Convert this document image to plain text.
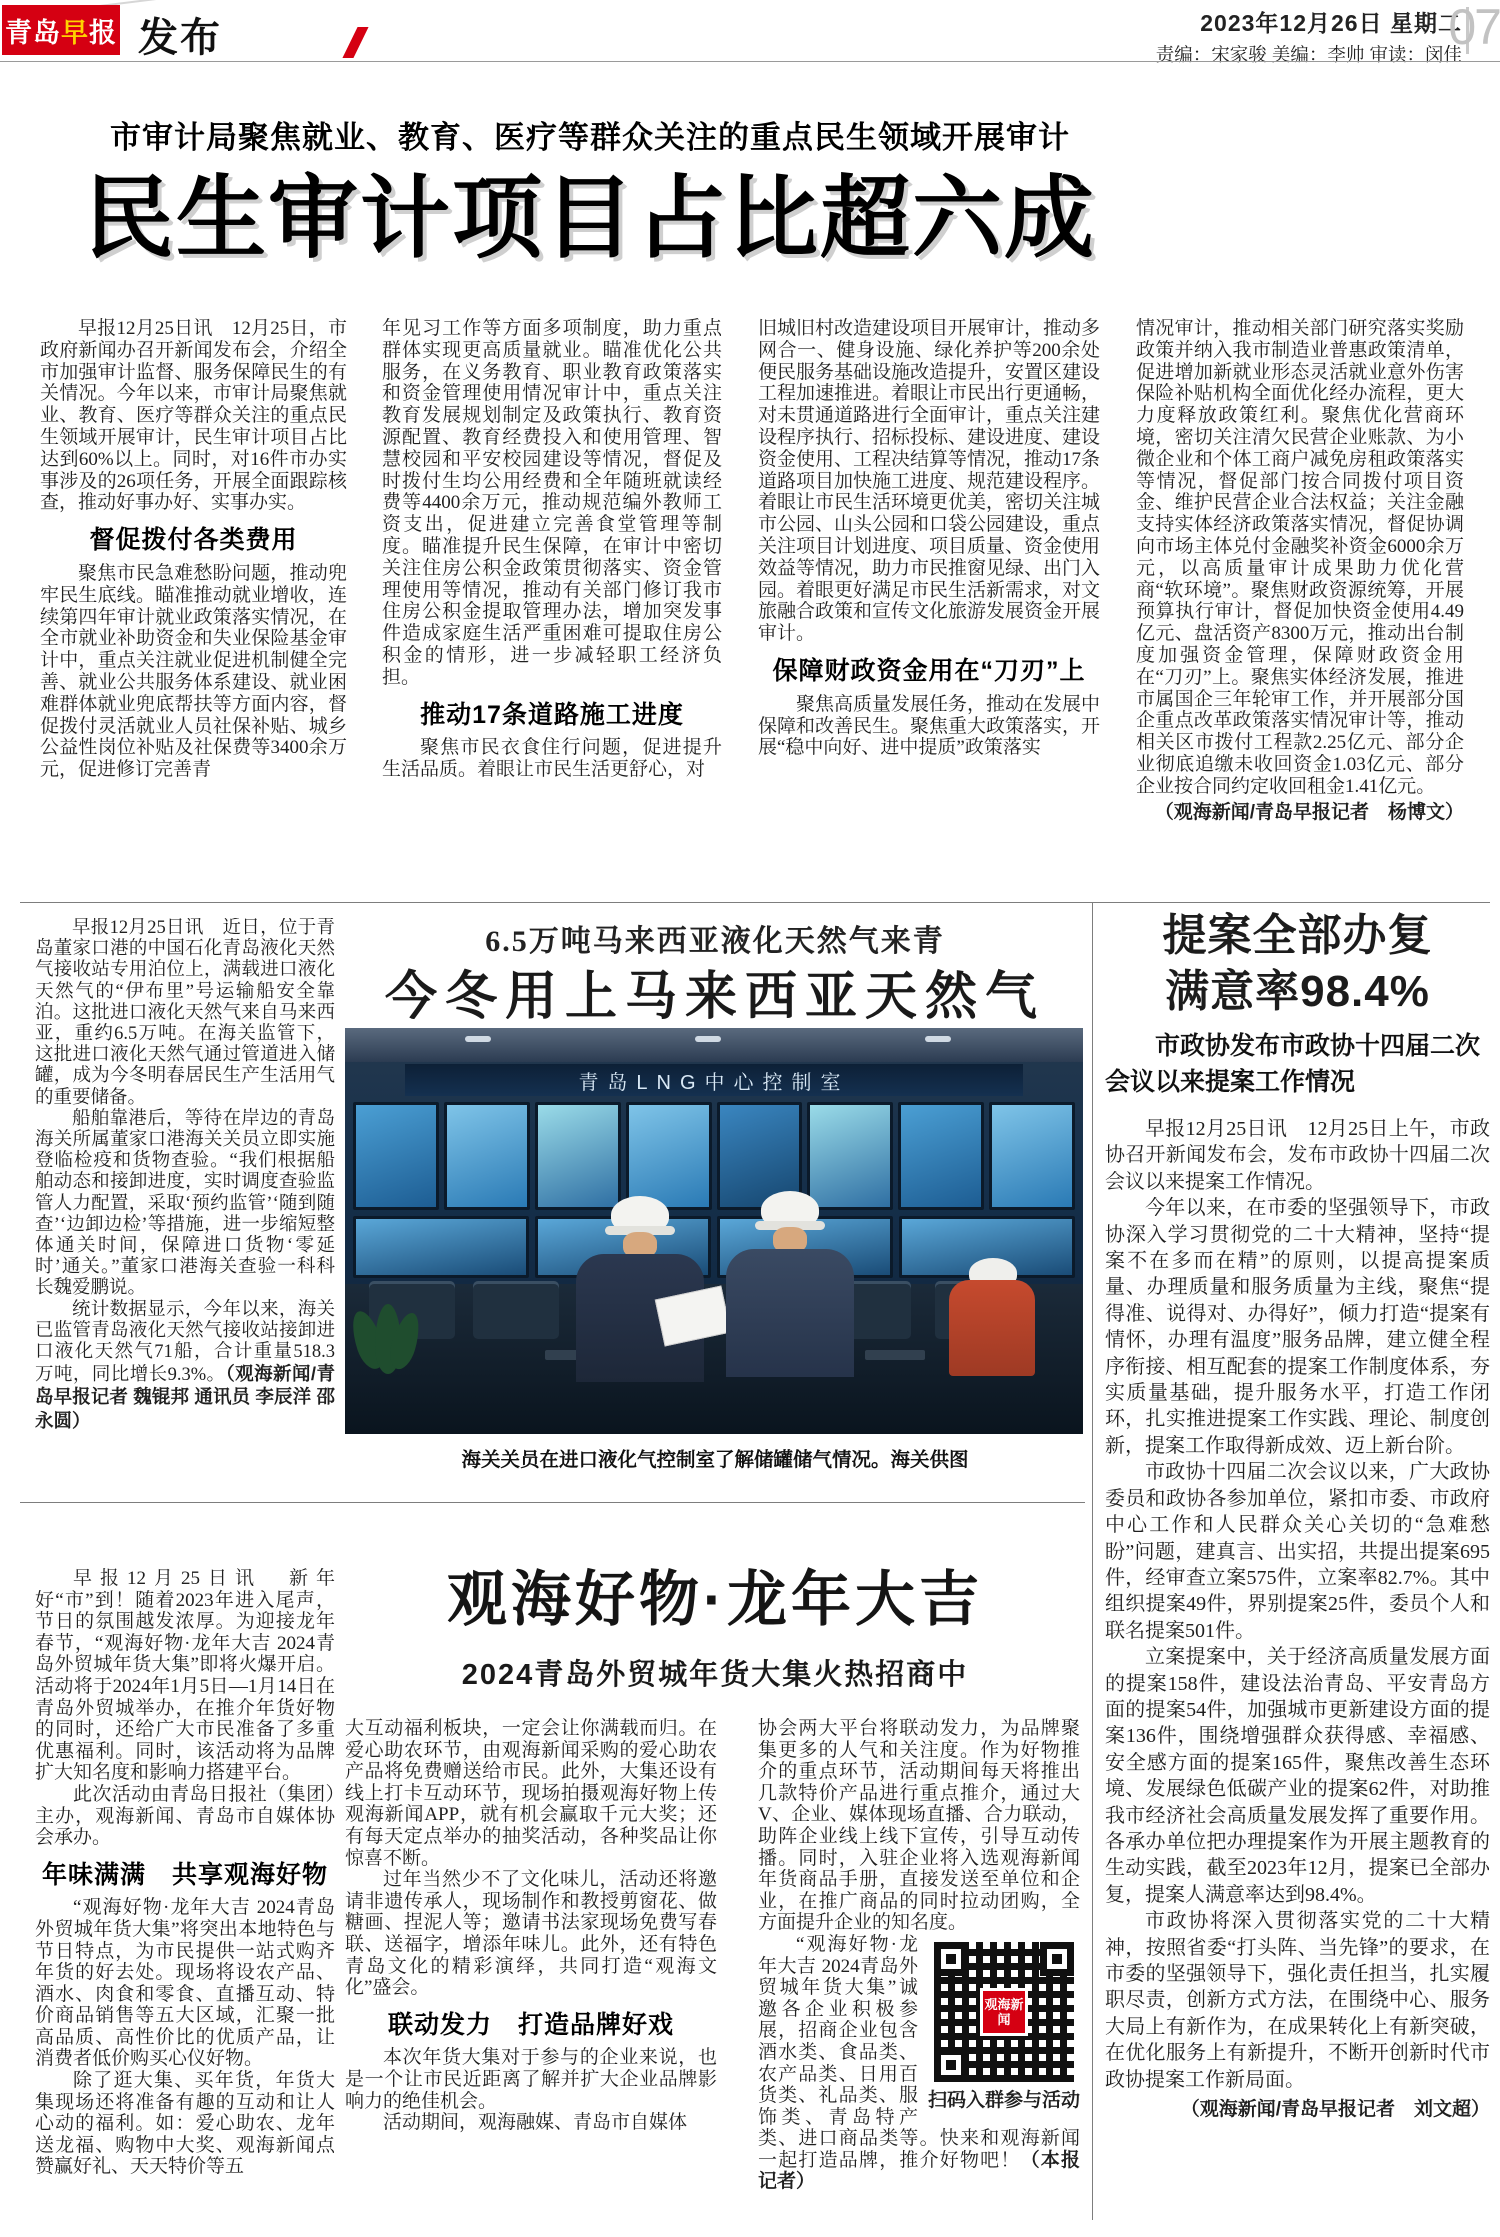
青岛 早 报 发布	2023年12月26日 星期二
责编：宋家骏 美编：李帅 审读：闵佳
07
市审计局聚焦就业、教育、医疗等群众关注的重点民生领域开展审计
民生审计项目占比超六成

早报12月25日讯　12月25日，市政府新闻办召开新闻发布会，介绍全市加强审计监督、服务保障民生的有关情况。今年以来，市审计局聚焦就业、教育、医疗等群众关注的重点民生领域开展审计，民生审计项目占比达到60%以上。同时，对16件市办实事涉及的26项任务，开展全面跟踪核查，推动好事办好、实事办实。

督促拨付各类费用

聚焦市民急难愁盼问题，推动兜牢民生底线。瞄准推动就业增收，连续第四年审计就业政策落实情况，在全市就业补助资金和失业保险基金审计中，重点关注就业促进机制健全完善、就业公共服务体系建设、就业困难群体就业兜底帮扶等方面内容，督促拨付灵活就业人员社保补贴、城乡公益性岗位补贴及社保费等3400余万元，促进修订完善青

年见习工作等方面多项制度，助力重点群体实现更高质量就业。瞄准优化公共服务，在义务教育、职业教育政策落实和资金管理使用情况审计中，重点关注教育发展规划制定及政策执行、教育资源配置、教育经费投入和使用管理、智慧校园和平安校园建设等情况，督促及时拨付生均公用经费和全年随班就读经费等4400余万元，推动规范编外教师工资支出，促进建立完善食堂管理等制度。瞄准提升民生保障，在审计中密切关注住房公积金政策贯彻落实、资金管理使用等情况，推动有关部门修订我市住房公积金提取管理办法，增加突发事件造成家庭生活严重困难可提取住房公积金的情形，进一步减轻职工经济负担。

推动17条道路施工进度

聚焦市民衣食住行问题，促进提升生活品质。着眼让市民生活更舒心，对

旧城旧村改造建设项目开展审计，推动多网合一、健身设施、绿化养护等200余处便民服务基础设施改造提升，安置区建设工程加速推进。着眼让市民出行更通畅，对未贯通道路进行全面审计，重点关注建设程序执行、招标投标、建设进度、建设资金使用、工程决结算等情况，推动17条道路项目加快施工进度、规范建设程序。着眼让市民生活环境更优美，密切关注城市公园、山头公园和口袋公园建设，重点关注项目计划进度、项目质量、资金使用效益等情况，助力市民推窗见绿、出门入园。着眼更好满足市民生活新需求，对文旅融合政策和宣传文化旅游发展资金开展审计。

保障财政资金用在“刀刃”上

聚焦高质量发展任务，推动在发展中保障和改善民生。聚焦重大政策落实，开展“稳中向好、进中提质”政策落实

情况审计，推动相关部门研究落实奖励政策并纳入我市制造业普惠政策清单，促进增加新就业形态灵活就业意外伤害保险补贴机构全面优化经办流程，更大力度释放政策红利。聚焦优化营商环境，密切关注清欠民营企业账款、为小微企业和个体工商户减免房租政策落实等情况，督促部门按合同拨付项目资金、维护民营企业合法权益；关注金融支持实体经济政策落实情况，督促协调向市场主体兑付金融奖补资金6000余万元，以高质量审计成果助力优化营商“软环境”。聚焦财政资源统筹，开展预算执行审计，督促加快资金使用4.49亿元、盘活资产8300万元，推动出台制度加强资金管理，保障财政资金用在“刀刃”上。聚焦实体经济发展，推进市属国企三年轮审工作，并开展部分国企重点改革政策落实情况审计等，推动相关区市拨付工程款2.25亿元、部分企业彻底追缴未收回资金1.03亿元、部分企业按合同约定收回租金1.41亿元。

（观海新闻/青岛早报记者　杨博文）

早报12月25日讯　近日，位于青岛董家口港的中国石化青岛液化天然气接收站专用泊位上，满载进口液化天然气的“伊布里”号运输船安全靠泊。这批进口液化天然气来自马来西亚，重约6.5万吨。在海关监管下，这批进口液化天然气通过管道进入储罐，成为今冬明春居民生产生活用气的重要储备。

船舶靠港后，等待在岸边的青岛海关所属董家口港海关关员立即实施登临检疫和货物查验。“我们根据船舶动态和接卸进度，实时调度查验监管人力配置，采取‘预约监管’‘随到随查’‘边卸边检’等措施，进一步缩短整体通关时间，保障进口货物‘零延时’通关。”董家口港海关查验一科科长魏爱鹏说。

统计数据显示，今年以来，海关已监管青岛液化天然气接收站接卸进口液化天然气71船，合计重量518.3万吨，同比增长9.3%。（观海新闻/青岛早报记者 魏锟邦 通讯员 李辰洋 邵永圆）

6.5万吨马来西亚液化天然气来青
今冬用上马来西亚天然气
青岛LNG中心控制室
海关关员在进口液化气控制室了解储罐储气情况。海关供图
提案全部办复
满意率98.4%
市政协发布市政协十四届二次会议以来提案工作情况

早报12月25日讯　12月25日上午，市政协召开新闻发布会，发布市政协十四届二次会议以来提案工作情况。

今年以来，在市委的坚强领导下，市政协深入学习贯彻党的二十大精神，坚持“提案不在多而在精”的原则，以提高提案质量、办理质量和服务质量为主线，聚焦“提得准、说得对、办得好”，倾力打造“提案有情怀，办理有温度”服务品牌，建立健全程序衔接、相互配套的提案工作制度体系，夯实质量基础，提升服务水平，打造工作闭环，扎实推进提案工作实践、理论、制度创新，提案工作取得新成效、迈上新台阶。

市政协十四届二次会议以来，广大政协委员和政协各参加单位，紧扣市委、市政府中心工作和人民群众关心关切的“急难愁盼”问题，建真言、出实招，共提出提案695件，经审查立案575件，立案率82.7%。其中组织提案49件，界别提案25件，委员个人和联名提案501件。

立案提案中，关于经济高质量发展方面的提案158件，建设法治青岛、平安青岛方面的提案54件，加强城市更新建设方面的提案136件，围绕增强群众获得感、幸福感、安全感方面的提案165件，聚焦改善生态环境、发展绿色低碳产业的提案62件，对助推我市经济社会高质量发展发挥了重要作用。各承办单位把办理提案作为开展主题教育的生动实践，截至2023年12月，提案已全部办复，提案人满意率达到98.4%。

市政协将深入贯彻落实党的二十大精神，按照省委“打头阵、当先锋”的要求，在市委的坚强领导下，强化责任担当，扎实履职尽责，创新方式方法，在围绕中心、服务大局上有新作为，在成果转化上有新突破，在优化服务上有新提升，不断开创新时代市政协提案工作新局面。

（观海新闻/青岛早报记者　刘文超）

观海好物·龙年大吉
2024青岛外贸城年货大集火热招商中

早报12月25日讯　新年好“市”到！随着2023年进入尾声，节日的氛围越发浓厚。为迎接龙年春节，“观海好物·龙年大吉 2024青岛外贸城年货大集”即将火爆开启。活动将于2024年1月5日—1月14日在青岛外贸城举办，在推介年货好物的同时，还给广大市民准备了多重优惠福利。同时，该活动将为品牌扩大知名度和影响力搭建平台。

此次活动由青岛日报社（集团）主办，观海新闻、青岛市自媒体协会承办。

年味满满　共享观海好物

“观海好物·龙年大吉 2024青岛外贸城年货大集”将突出本地特色与节日特点，为市民提供一站式购齐年货的好去处。现场将设农产品、酒水、肉食和零食、直播互动、特价商品销售等五大区域，汇聚一批高品质、高性价比的优质产品，让消费者低价购买心仪好物。

除了逛大集、买年货，年货大集现场还将准备有趣的互动和让人心动的福利。如：爱心助农、龙年送龙福、购物中大奖、观海新闻点赞赢好礼、天天特价等五

大互动福利板块，一定会让你满载而归。在爱心助农环节，由观海新闻采购的爱心助农产品将免费赠送给市民。此外，大集还设有线上打卡互动环节，现场拍摄观海好物上传观海新闻APP，就有机会赢取千元大奖；还有每天定点举办的抽奖活动，各种奖品让你惊喜不断。

过年当然少不了文化味儿，活动还将邀请非遗传承人，现场制作和教授剪窗花、做糖画、捏泥人等；邀请书法家现场免费写春联、送福字，增添年味儿。此外，还有特色青岛文化的精彩演绎，共同打造“观海文化”盛会。

联动发力　打造品牌好戏

本次年货大集对于参与的企业来说，也是一个让市民近距离了解并扩大企业品牌影响力的绝佳机会。

活动期间，观海融媒、青岛市自媒体

协会两大平台将联动发力，为品牌聚集更多的人气和关注度。作为好物推介的重点环节，活动期间每天将推出几款特价产品进行重点推介，通过大V、企业、媒体现场直播、合力联动，助阵企业线上线下宣传，引导互动传播。同时，入驻企业将入选观海新闻年货商品手册，直接发送至单位和企业，在推广商品的同时拉动团购，全方面提升企业的知名度。

观海新闻
扫码入群参与活动

“观海好物·龙年大吉 2024青岛外贸城年货大集”诚邀各企业积极参展，招商企业包含酒水类、食品类、农产品类、日用百货类、礼品类、服饰类、青岛特产类、进口商品类等。快来和观海新闻一起打造品牌，推介好物吧！（本报记者）
